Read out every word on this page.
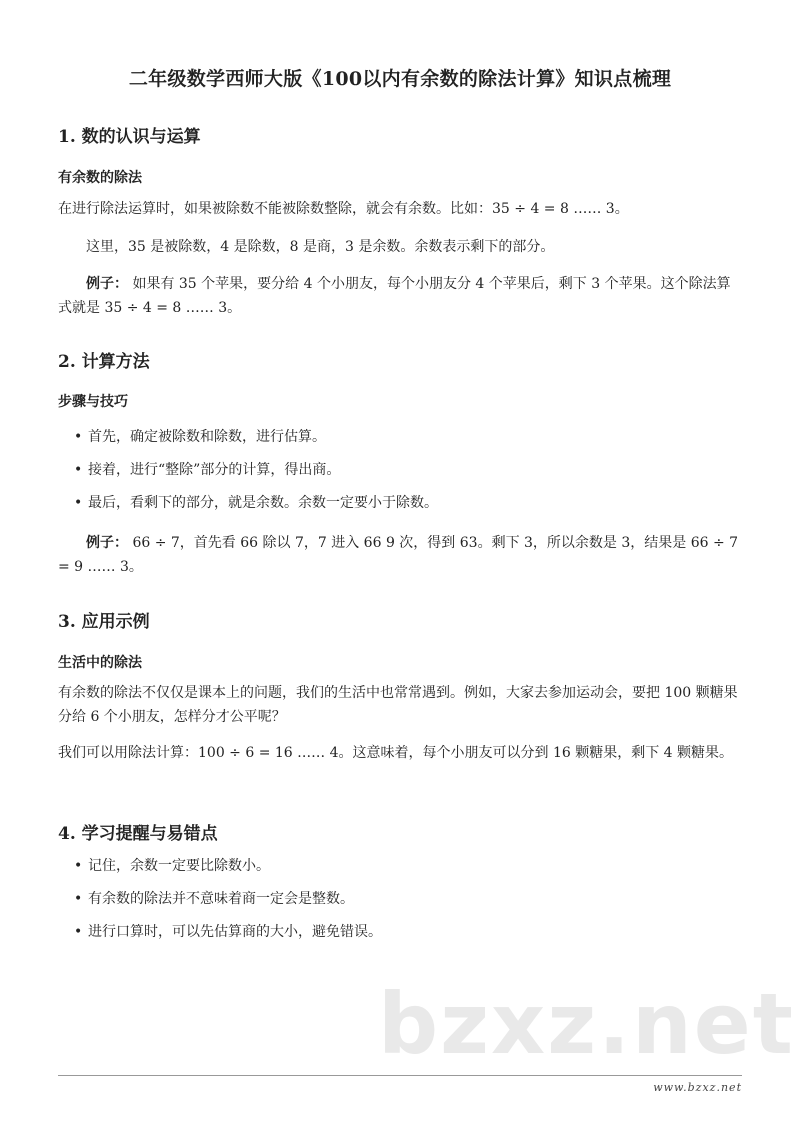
二年级数学西师大版《100以内有余数的除法计算》知识点梳理
1. 数的认识与运算
有余数的除法
在进行除法运算时，如果被除数不能被除数整除，就会有余数。比如：35 ÷ 4 = 8 …… 3。
这里，35 是被除数，4 是除数，8 是商，3 是余数。余数表示剩下的部分。
例子： 如果有 35 个苹果，要分给 4 个小朋友，每个小朋友分 4 个苹果后，剩下 3 个苹果。这个除法算式就是 35 ÷ 4 = 8 …… 3。
2. 计算方法
步骤与技巧
• 首先，确定被除数和除数，进行估算。
• 接着，进行“整除”部分的计算，得出商。
• 最后，看剩下的部分，就是余数。余数一定要小于除数。
例子： 66 ÷ 7，首先看 66 除以 7，7 进入 66 9 次，得到 63。剩下 3，所以余数是 3，结果是 66 ÷ 7 = 9 …… 3。
3. 应用示例
生活中的除法
有余数的除法不仅仅是课本上的问题，我们的生活中也常常遇到。例如，大家去参加运动会，要把 100 颗糖果分给 6 个小朋友，怎样分才公平呢？
我们可以用除法计算：100 ÷ 6 = 16 …… 4。这意味着，每个小朋友可以分到 16 颗糖果，剩下 4 颗糖果。
4. 学习提醒与易错点
• 记住，余数一定要比除数小。
• 有余数的除法并不意味着商一定会是整数。
• 进行口算时，可以先估算商的大小，避免错误。
bzxz.net
www.bzxz.net
